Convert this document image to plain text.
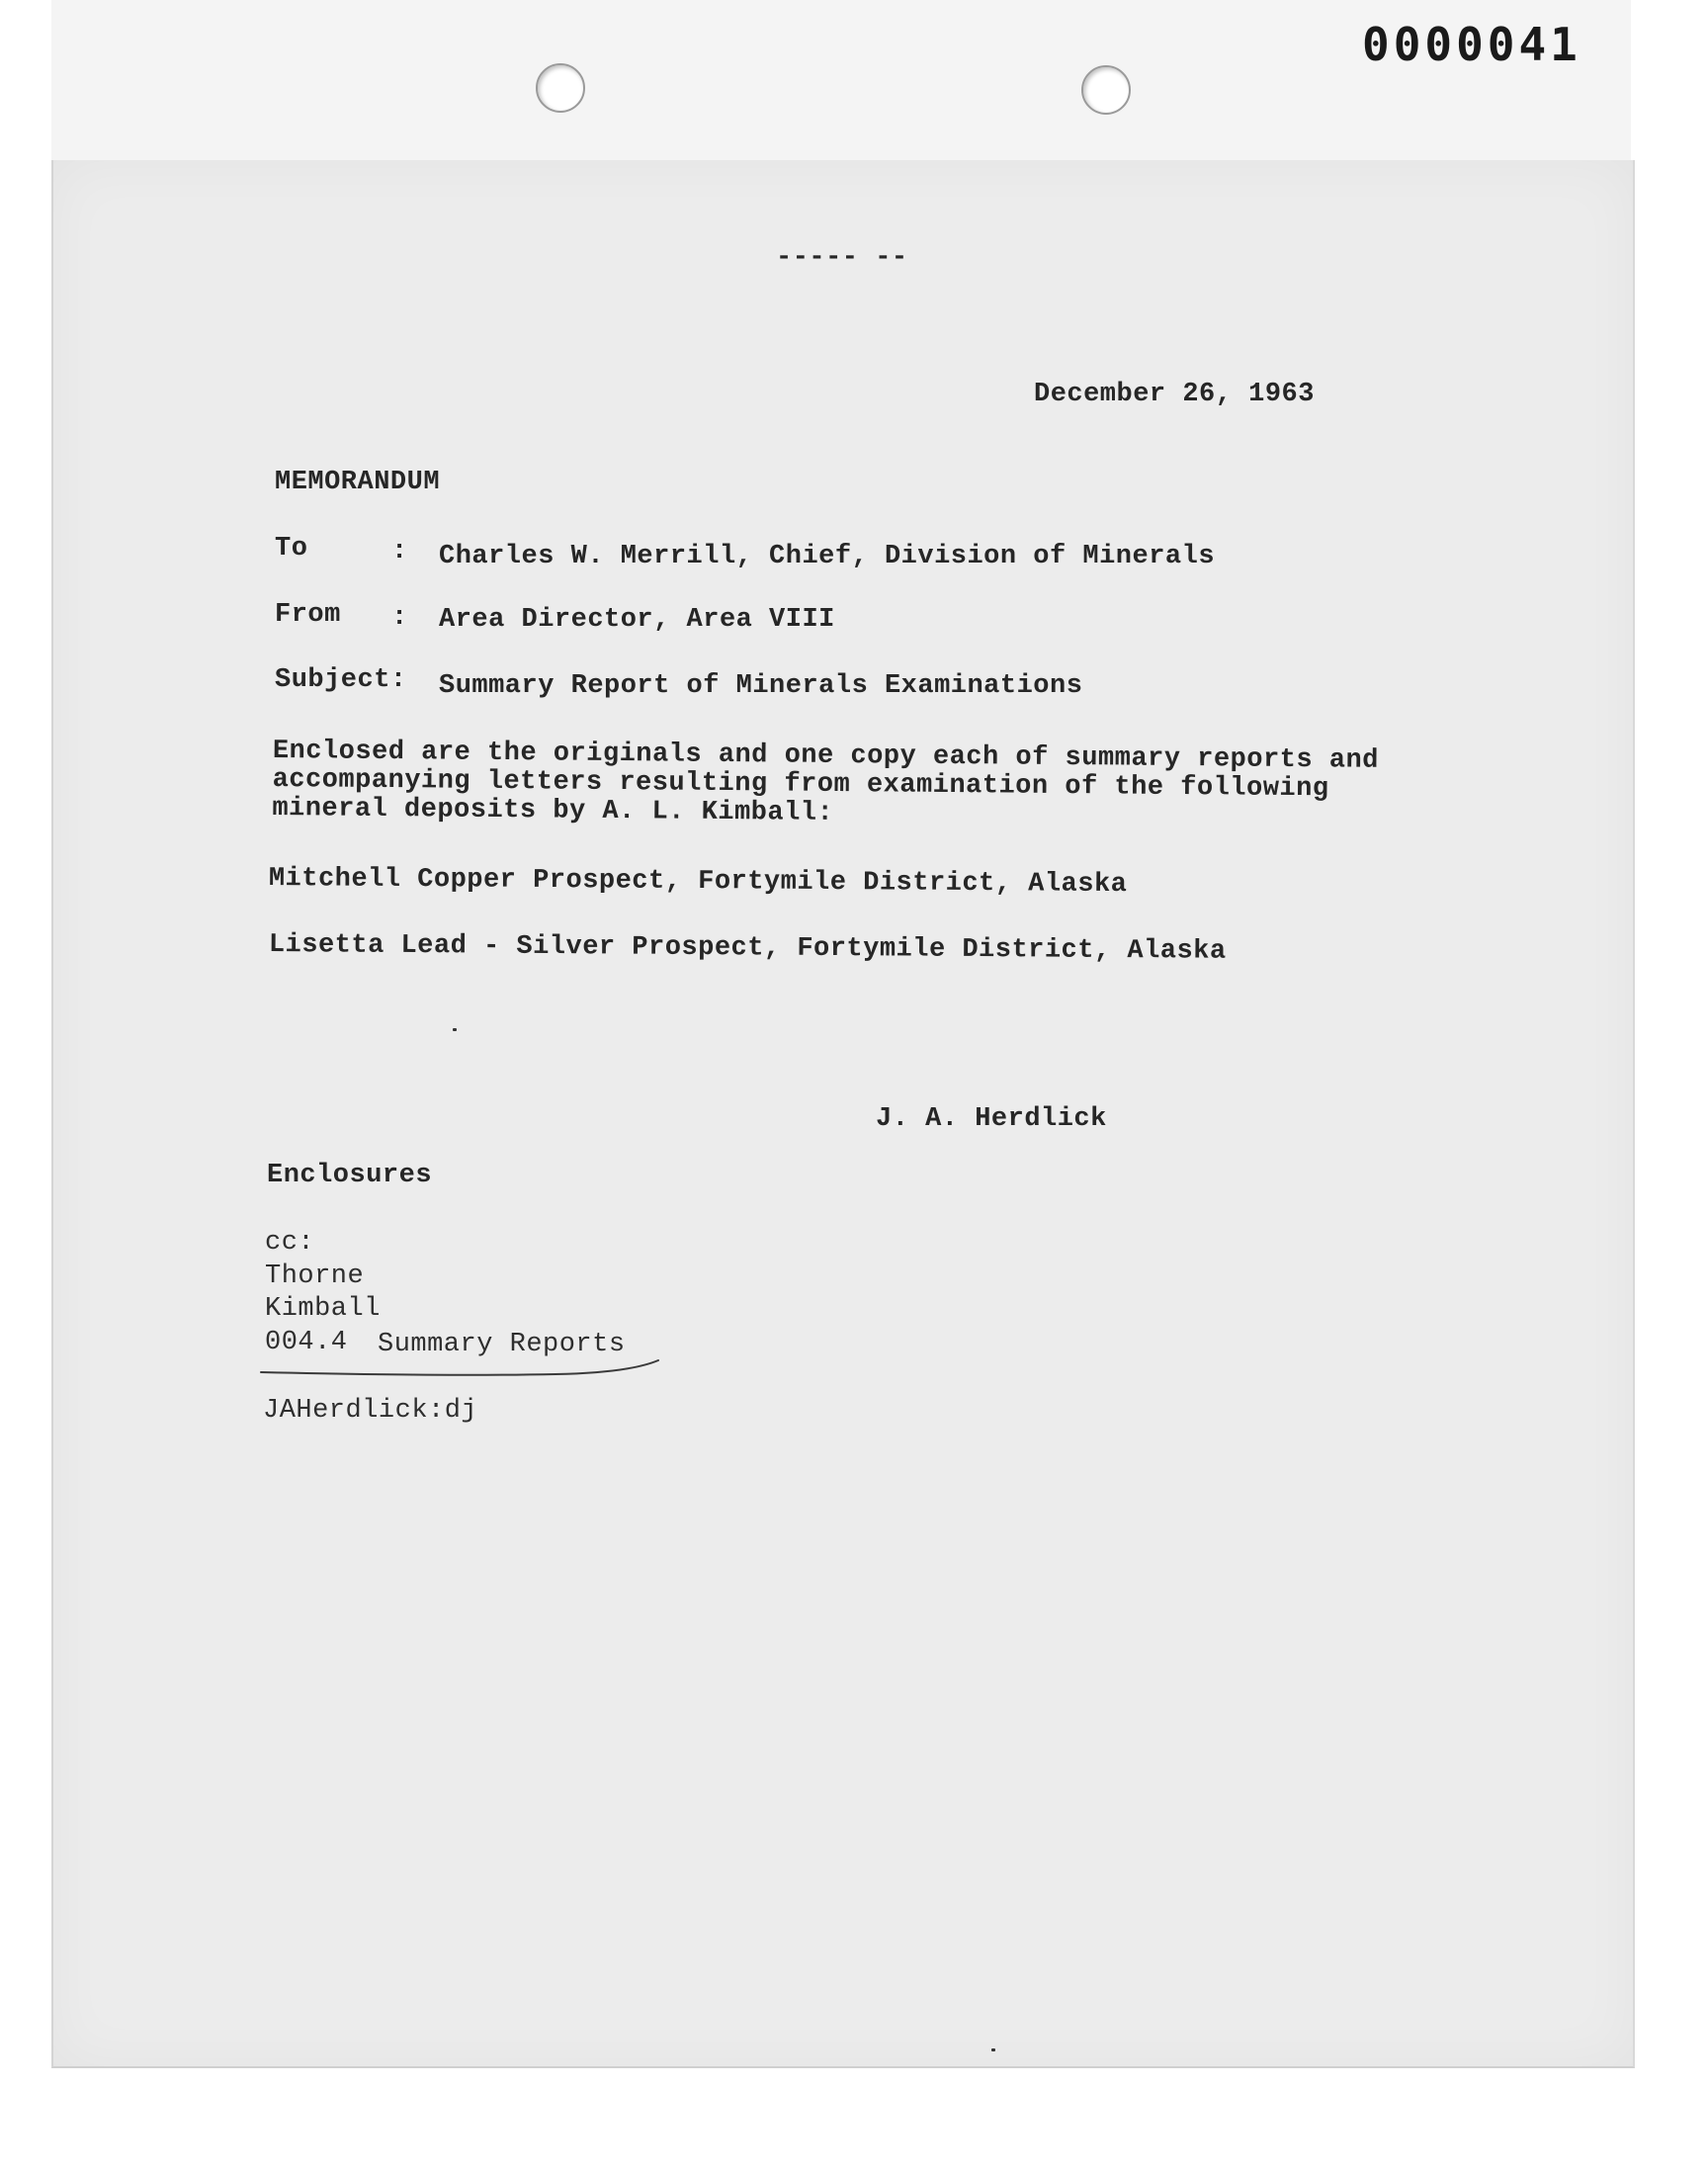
0000041
----- --
December 26, 1963
MEMORANDUM
To	: Charles W. Merrill, Chief, Division of Minerals
From : Area Director, Area VIII
Subject: Summary Report of Minerals Examinations
Enclosed are the originals and one copy each of summary reports and accompanying letters resulting from examination of the following mineral deposits by A. L. Kimball:
Mitchell Copper Prospect, Fortymile District, Alaska
Lisetta Lead - Silver Prospect, Fortymile District, Alaska
J. A. Herdlick
Enclosures
cc:
Thorne
Kimball
004.4 Summary Reports
JAHerdlick:dj
